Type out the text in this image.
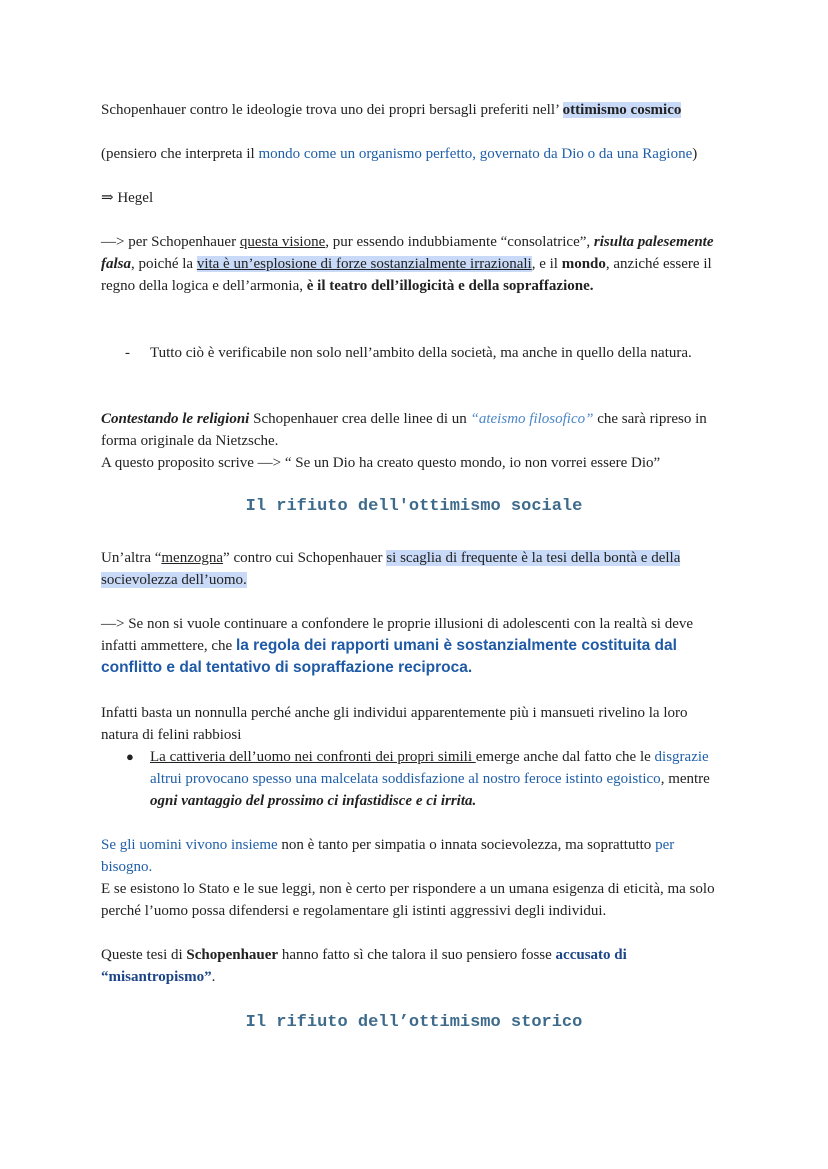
Schopenhauer contro le ideologie trova uno dei propri bersagli preferiti nell’ ottimismo cosmico

(pensiero che interpreta il mondo come un organismo perfetto, governato da Dio o da una Ragione)

⇒ Hegel

—> per Schopenhauer questa visione, pur essendo indubbiamente “consolatrice”, risulta palesemente falsa, poiché la vita è un’esplosione di forze sostanzialmente irrazionali, e il mondo, anziché essere il regno della logica e dell’armonia, è il teatro dell’illogicità e della sopraffazione.

- Tutto ciò è verificabile non solo nell’ambito della società, ma anche in quello della natura.

Contestando le religioni Schopenhauer crea delle linee di un “ateismo filosofico” che sarà ripreso in forma originale da Nietzsche.

A questo proposito scrive —> “ Se un Dio ha creato questo mondo, io non vorrei essere Dio”

Il rifiuto dell'ottimismo sociale

Un’altra “menzogna” contro cui Schopenhauer si scaglia di frequente è la tesi della bontà e della socievolezza dell’uomo.

—> Se non si vuole continuare a confondere le proprie illusioni di adolescenti con la realtà si deve infatti ammettere, che la regola dei rapporti umani è sostanzialmente costituita dal conflitto e dal tentativo di sopraffazione reciproca.

Infatti basta un nonnulla perché anche gli individui apparentemente più i mansueti rivelino la loro natura di felini rabbiosi

● La cattiveria dell’uomo nei confronti dei propri simili emerge anche dal fatto che le disgrazie altrui provocano spesso una malcelata soddisfazione al nostro feroce istinto egoistico, mentre ogni vantaggio del prossimo ci infastidisce e ci irrita.

Se gli uomini vivono insieme non è tanto per simpatia o innata socievolezza, ma soprattutto per bisogno.

E se esistono lo Stato e le sue leggi, non è certo per rispondere a un umana esigenza di eticità, ma solo perché l’uomo possa difendersi e regolamentare gli istinti aggressivi degli individui.

Queste tesi di Schopenhauer hanno fatto sì che talora il suo pensiero fosse accusato di “misantropismo”.

Il rifiuto dell’ottimismo storico
